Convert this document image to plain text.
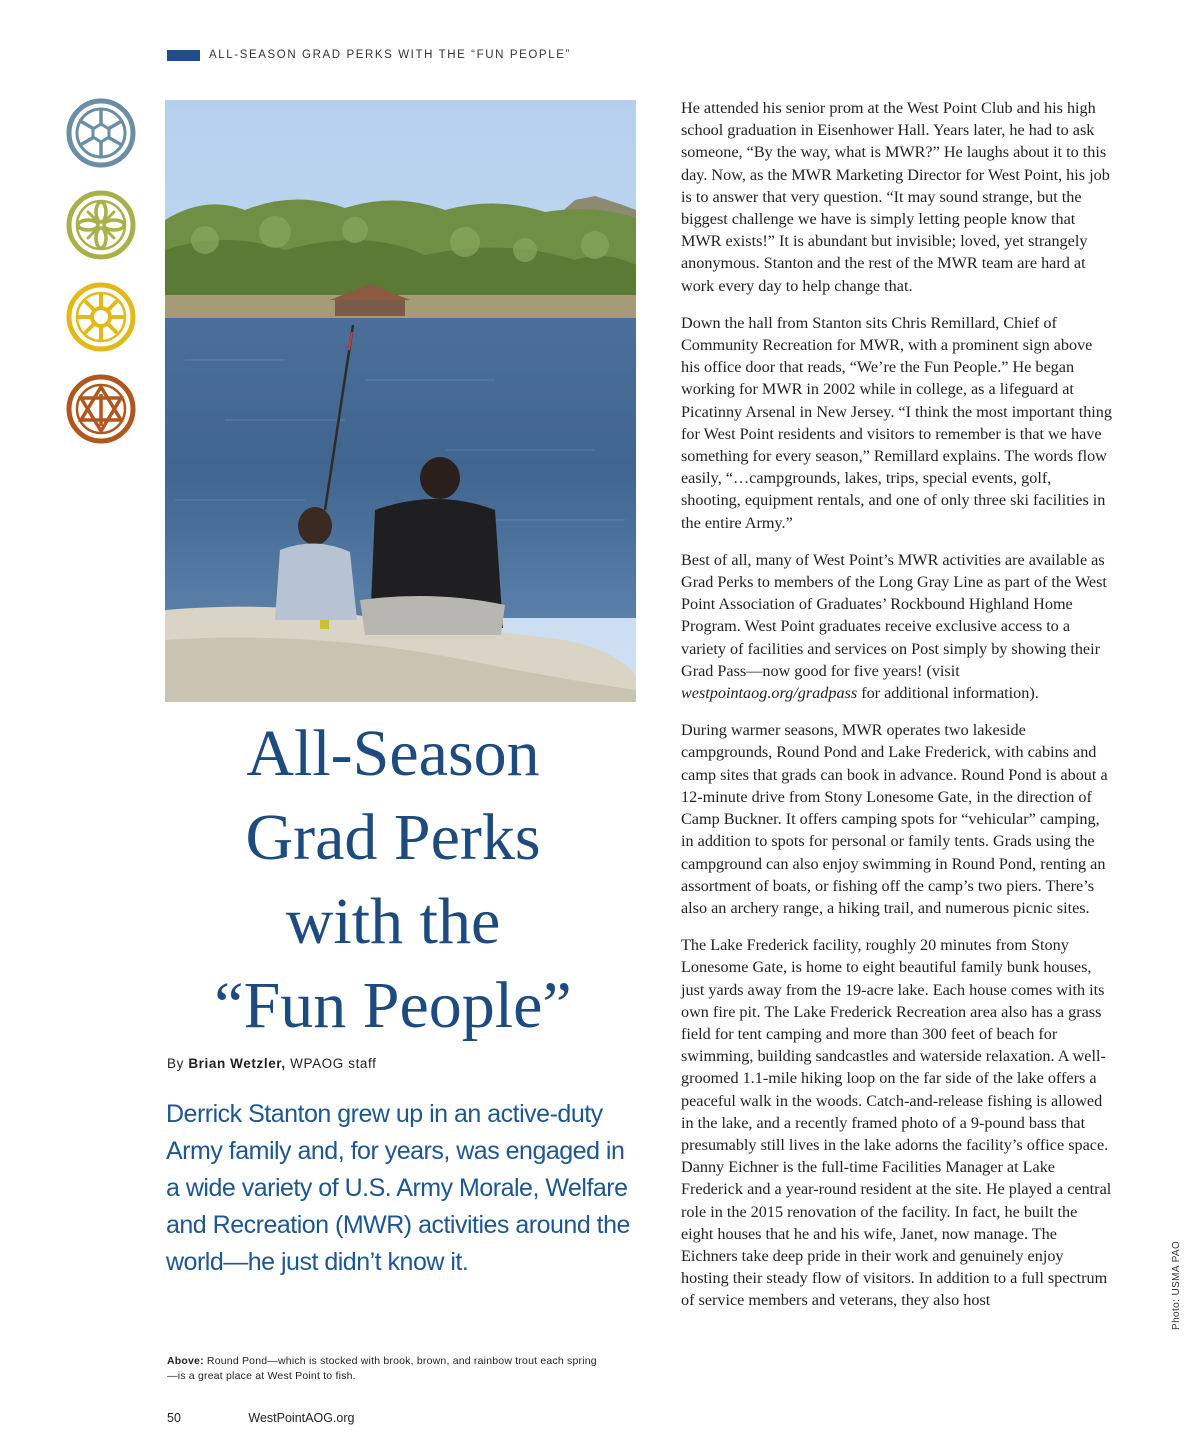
ALL-SEASON GRAD PERKS WITH THE “FUN PEOPLE”
All-Season
Grad Perks
with the
“Fun People”
By Brian Wetzler, WPAOG staff
Derrick Stanton grew up in an active-duty Army family and, for years, was engaged in a wide variety of U.S. Army Morale, Welfare and Recreation (MWR) activities around the world—he just didn’t know it.
Above: Round Pond—which is stocked with brook, brown, and rainbow trout each spring—is a great place at West Point to fish.
50	WestPointAOG.org

He attended his senior prom at the West Point Club and his high school graduation in Eisenhower Hall. Years later, he had to ask someone, “By the way, what is MWR?” He laughs about it to this day. Now, as the MWR Marketing Director for West Point, his job is to answer that very question. “It may sound strange, but the biggest challenge we have is simply letting people know that MWR exists!” It is abundant but invisible; loved, yet strangely anonymous. Stanton and the rest of the MWR team are hard at work every day to help change that.

Down the hall from Stanton sits Chris Remillard, Chief of Community Recreation for MWR, with a prominent sign above his office door that reads, “We’re the Fun People.” He began working for MWR in 2002 while in college, as a lifeguard at Picatinny Arsenal in New Jersey. “I think the most important thing for West Point residents and visitors to remember is that we have something for every season,” Remillard explains. The words flow easily, “…campgrounds, lakes, trips, special events, golf, shooting, equipment rentals, and one of only three ski facilities in the entire Army.”

Best of all, many of West Point’s MWR activities are available as Grad Perks to members of the Long Gray Line as part of the West Point Association of Graduates’ Rockbound Highland Home Program. West Point graduates receive exclusive access to a variety of facilities and services on Post simply by showing their Grad Pass—now good for five years! (visit westpointaog.org/gradpass for additional information).

During warmer seasons, MWR operates two lakeside campgrounds, Round Pond and Lake Frederick, with cabins and camp sites that grads can book in advance. Round Pond is about a 12-minute drive from Stony Lonesome Gate, in the direction of Camp Buckner. It offers camping spots for “vehicular” camping, in addition to spots for personal or family tents. Grads using the campground can also enjoy swimming in Round Pond, renting an assortment of boats, or fishing off the camp’s two piers. There’s also an archery range, a hiking trail, and numerous picnic sites.

The Lake Frederick facility, roughly 20 minutes from Stony Lonesome Gate, is home to eight beautiful family bunk houses, just yards away from the 19-acre lake. Each house comes with its own fire pit. The Lake Frederick Recreation area also has a grass field for tent camping and more than 300 feet of beach for swimming, building sandcastles and waterside relaxation. A well-groomed 1.1-mile hiking loop on the far side of the lake offers a peaceful walk in the woods. Catch-and-release fishing is allowed in the lake, and a recently framed photo of a 9-pound bass that presumably still lives in the lake adorns the facility’s office space. Danny Eichner is the full-time Facilities Manager at Lake Frederick and a year-round resident at the site. He played a central role in the 2015 renovation of the facility. In fact, he built the eight houses that he and his wife, Janet, now manage. The Eichners take deep pride in their work and genuinely enjoy hosting their steady flow of visitors. In addition to a full spectrum of service members and veterans, they also host	Photo: USMA PAO
